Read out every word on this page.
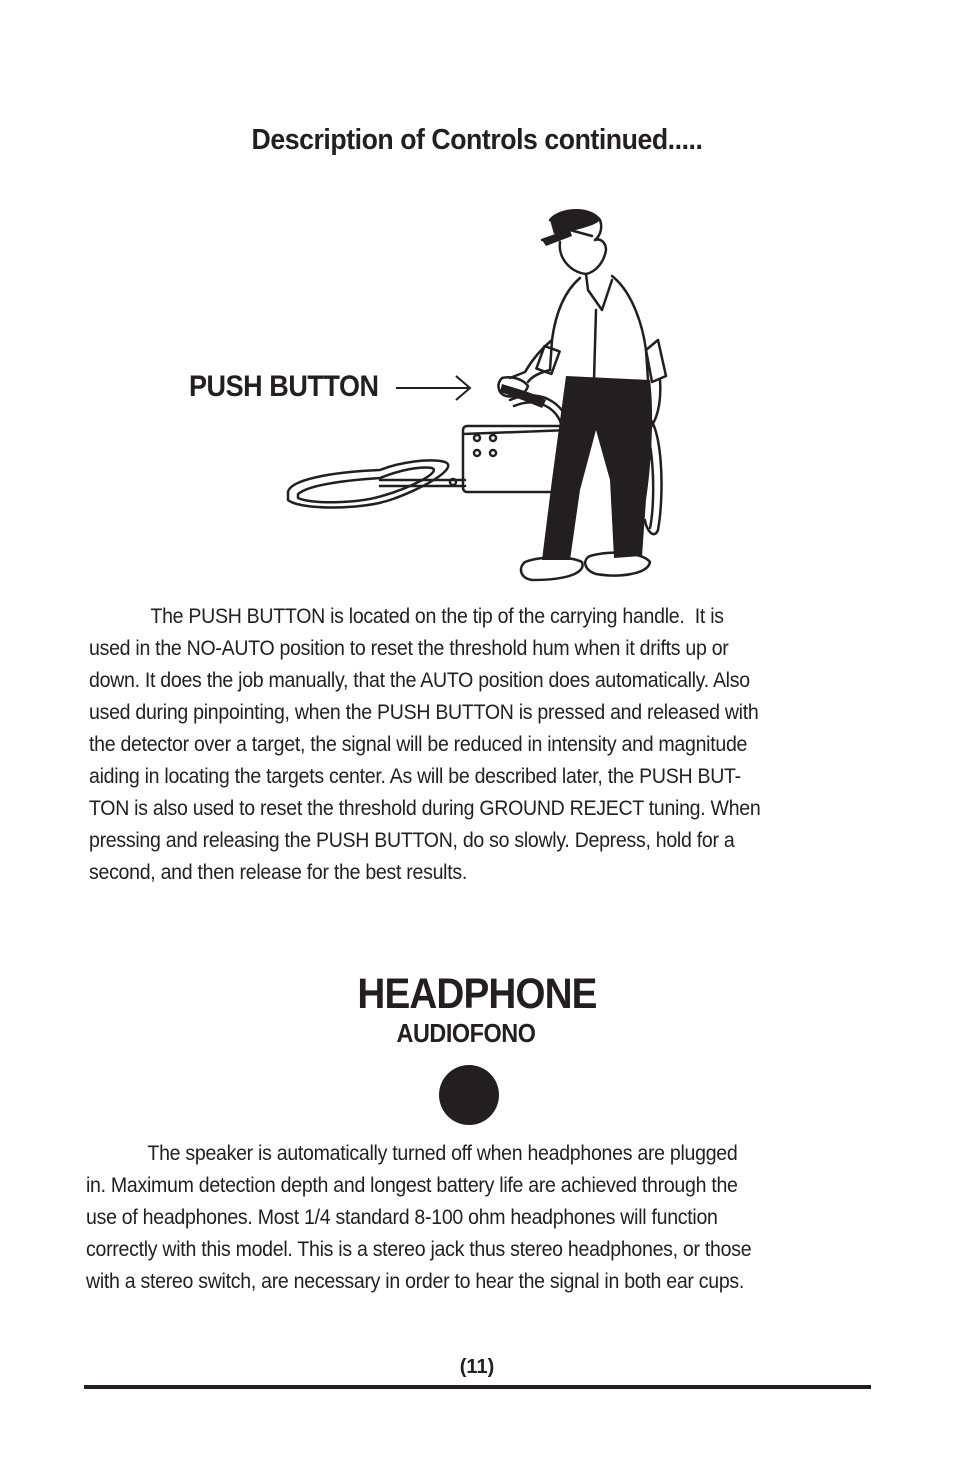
Description of Controls continued.....
PUSH BUTTON
The PUSH BUTTON is located on the tip of the carrying handle.  It is
used in the NO-AUTO position to reset the threshold hum when it drifts up or
down. It does the job manually, that the AUTO position does automatically. Also
used during pinpointing, when the PUSH BUTTON is pressed and released with
the detector over a target, the signal will be reduced in intensity and magnitude
aiding in locating the targets center. As will be described later, the PUSH BUT-
TON is also used to reset the threshold during GROUND REJECT tuning. When
pressing and releasing the PUSH BUTTON, do so slowly. Depress, hold for a
second, and then release for the best results.
HEADPHONE
AUDIOFONO
The speaker is automatically turned off when headphones are plugged
in. Maximum detection depth and longest battery life are achieved through the
use of headphones. Most 1/4 standard 8-100 ohm headphones will function
correctly with this model. This is a stereo jack thus stereo headphones, or those
with a stereo switch, are necessary in order to hear the signal in both ear cups.
(11)
